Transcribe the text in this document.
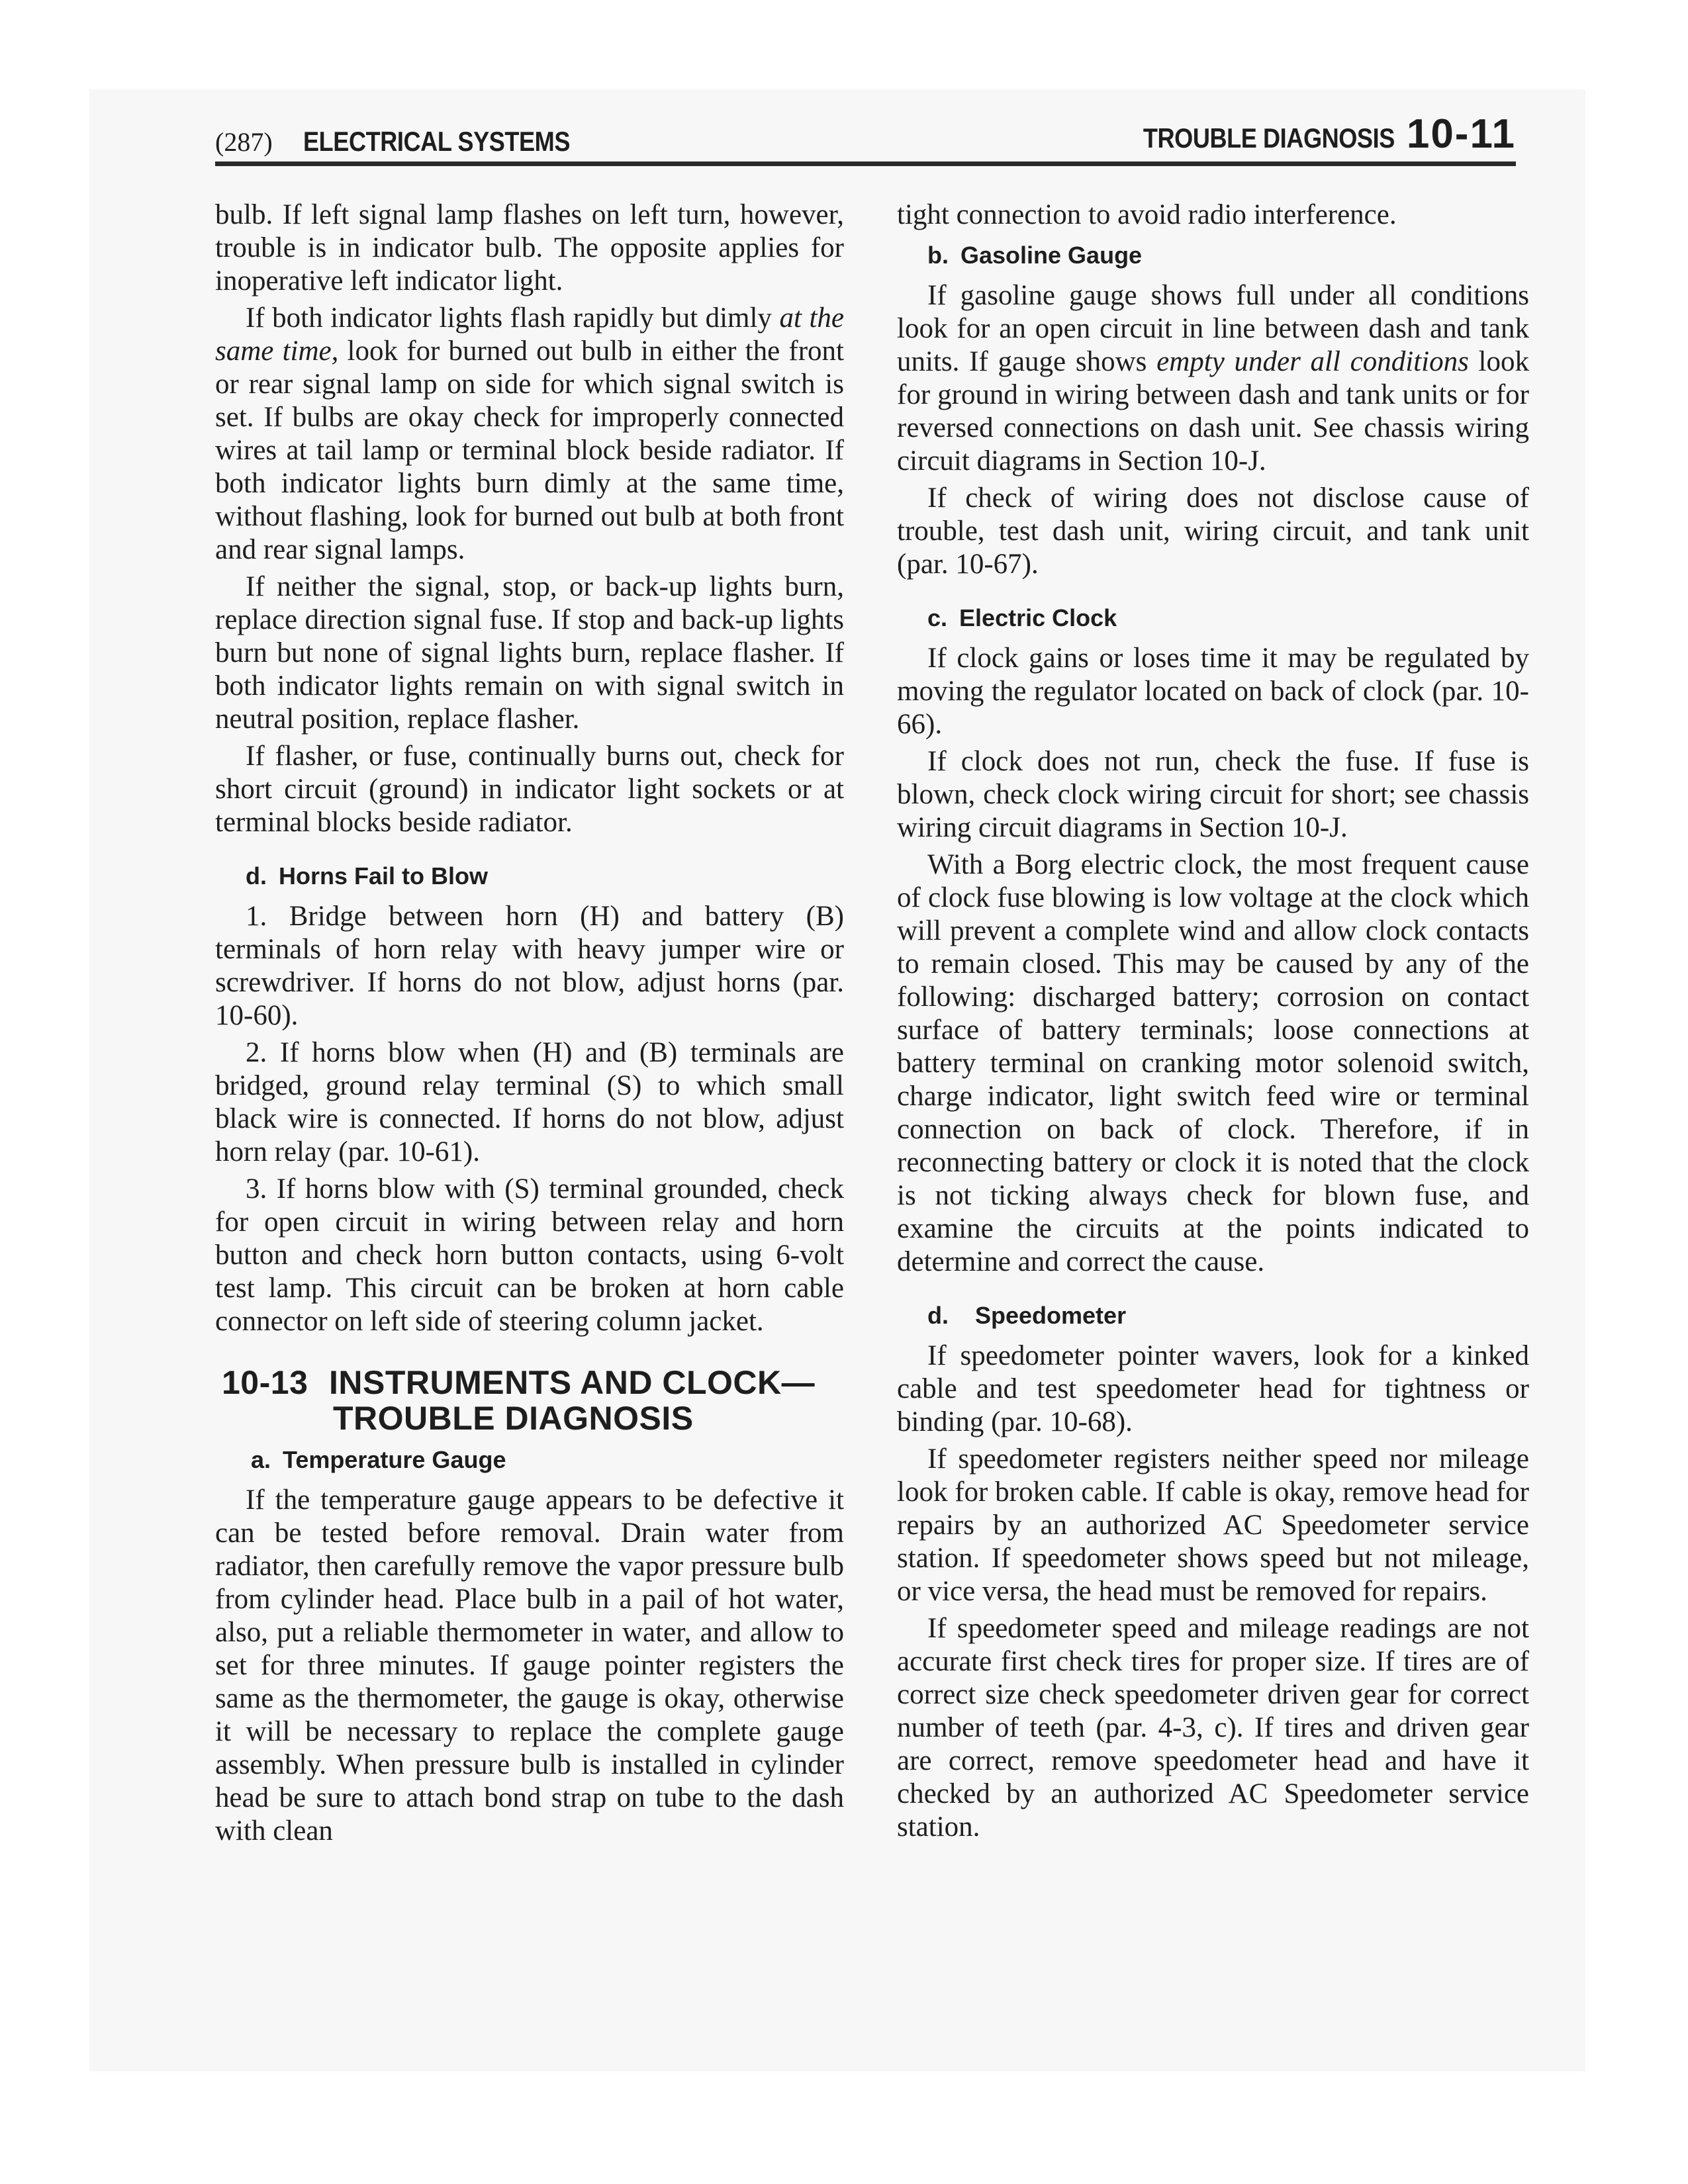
(287) ELECTRICAL SYSTEMS	TROUBLE DIAGNOSIS 10-11

bulb. If left signal lamp flashes on left turn, however, trouble is in indicator bulb. The opposite applies for inoperative left indicator light.

If both indicator lights flash rapidly but dimly at the same time, look for burned out bulb in either the front or rear signal lamp on side for which signal switch is set. If bulbs are okay check for improperly connected wires at tail lamp or terminal block beside radiator. If both indicator lights burn dimly at the same time, without flashing, look for burned out bulb at both front and rear signal lamps.

If neither the signal, stop, or back-up lights burn, replace direction signal fuse. If stop and back-up lights burn but none of signal lights burn, replace flasher. If both indicator lights remain on with signal switch in neutral position, replace flasher.

If flasher, or fuse, continually burns out, check for short circuit (ground) in indicator light sockets or at terminal blocks beside radiator.

d. Horns Fail to Blow

1. Bridge between horn (H) and battery (B) terminals of horn relay with heavy jumper wire or screwdriver. If horns do not blow, adjust horns (par. 10-60).

2. If horns blow when (H) and (B) terminals are bridged, ground relay terminal (S) to which small black wire is connected. If horns do not blow, adjust horn relay (par. 10-61).

3. If horns blow with (S) terminal grounded, check for open circuit in wiring between relay and horn button and check horn button contacts, using 6-volt test lamp. This circuit can be broken at horn cable connector on left side of steering column jacket.

10-13 INSTRUMENTS AND CLOCK—
TROUBLE DIAGNOSIS
a. Temperature Gauge

If the temperature gauge appears to be defective it can be tested before removal. Drain water from radiator, then carefully remove the vapor pressure bulb from cylinder head. Place bulb in a pail of hot water, also, put a reliable thermometer in water, and allow to set for three minutes. If gauge pointer registers the same as the thermometer, the gauge is okay, otherwise it will be necessary to replace the complete gauge assembly. When pressure bulb is installed in cylinder head be sure to attach bond strap on tube to the dash with clean

tight connection to avoid radio interference.

b. Gasoline Gauge

If gasoline gauge shows full under all conditions look for an open circuit in line between dash and tank units. If gauge shows empty under all conditions look for ground in wiring between dash and tank units or for reversed connections on dash unit. See chassis wiring circuit diagrams in Section 10-J.

If check of wiring does not disclose cause of trouble, test dash unit, wiring circuit, and tank unit (par. 10-67).

c. Electric Clock

If clock gains or loses time it may be regulated by moving the regulator located on back of clock (par. 10-66).

If clock does not run, check the fuse. If fuse is blown, check clock wiring circuit for short; see chassis wiring circuit diagrams in Section 10-J.

With a Borg electric clock, the most frequent cause of clock fuse blowing is low voltage at the clock which will prevent a complete wind and allow clock contacts to remain closed. This may be caused by any of the following: discharged battery; corrosion on contact surface of battery terminals; loose connections at battery terminal on cranking motor solenoid switch, charge indicator, light switch feed wire or terminal connection on back of clock. Therefore, if in reconnecting battery or clock it is noted that the clock is not ticking always check for blown fuse, and examine the circuits at the points indicated to determine and correct the cause.

d. Speedometer

If speedometer pointer wavers, look for a kinked cable and test speedometer head for tightness or binding (par. 10-68).

If speedometer registers neither speed nor mileage look for broken cable. If cable is okay, remove head for repairs by an authorized AC Speedometer service station. If speedometer shows speed but not mileage, or vice versa, the head must be removed for repairs.

If speedometer speed and mileage readings are not accurate first check tires for proper size. If tires are of correct size check speedometer driven gear for correct number of teeth (par. 4-3, c). If tires and driven gear are correct, remove speedometer head and have it checked by an authorized AC Speedometer service station.
